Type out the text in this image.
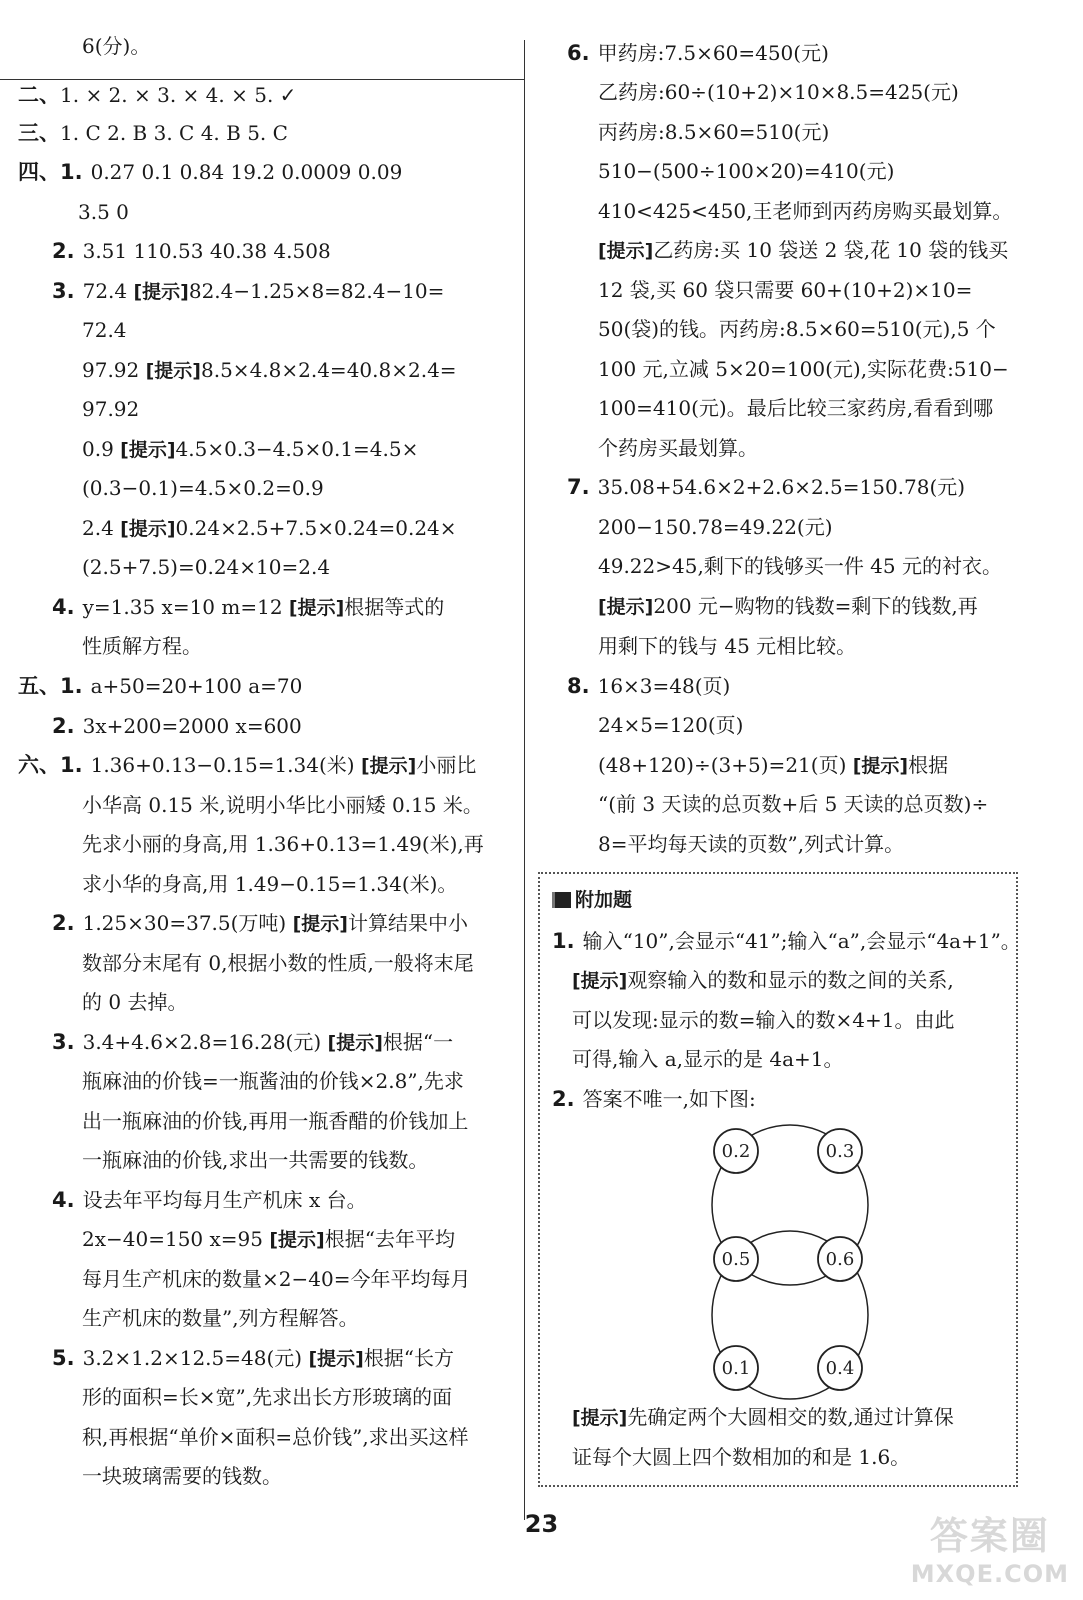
6(分)。
二、1. × 2. × 3. × 4. × 5. ✓
三、1. C 2. B 3. C 4. B 5. C
四、1. 0.27 0.1 0.84 19.2 0.0009 0.09
3.5 0
2. 3.51 110.53 40.38 4.508
3. 72.4 [提示]82.4−1.25×8=82.4−10=
72.4
97.92 [提示]8.5×4.8×2.4=40.8×2.4=
97.92
0.9 [提示]4.5×0.3−4.5×0.1=4.5×
(0.3−0.1)=4.5×0.2=0.9
2.4 [提示]0.24×2.5+7.5×0.24=0.24×
(2.5+7.5)=0.24×10=2.4
4. y=1.35 x=10 m=12 [提示]根据等式的
性质解方程。
五、1. a+50=20+100 a=70
2. 3x+200=2000 x=600
六、1. 1.36+0.13−0.15=1.34(米) [提示]小丽比
小华高 0.15 米,说明小华比小丽矮 0.15 米。
先求小丽的身高,用 1.36+0.13=1.49(米),再
求小华的身高,用 1.49−0.15=1.34(米)。
2. 1.25×30=37.5(万吨) [提示]计算结果中小
数部分末尾有 0,根据小数的性质,一般将末尾
的 0 去掉。
3. 3.4+4.6×2.8=16.28(元) [提示]根据“一
瓶麻油的价钱=一瓶酱油的价钱×2.8”,先求
出一瓶麻油的价钱,再用一瓶香醋的价钱加上
一瓶麻油的价钱,求出一共需要的钱数。
4. 设去年平均每月生产机床 x 台。
2x−40=150 x=95 [提示]根据“去年平均
每月生产机床的数量×2−40=今年平均每月
生产机床的数量”,列方程解答。
5. 3.2×1.2×12.5=48(元) [提示]根据“长方
形的面积=长×宽”,先求出长方形玻璃的面
积,再根据“单价×面积=总价钱”,求出买这样
一块玻璃需要的钱数。
6. 甲药房:7.5×60=450(元)
乙药房:60÷(10+2)×10×8.5=425(元)
丙药房:8.5×60=510(元)
510−(500÷100×20)=410(元)
410<425<450,王老师到丙药房购买最划算。
[提示]乙药房:买 10 袋送 2 袋,花 10 袋的钱买
12 袋,买 60 袋只需要 60+(10+2)×10=
50(袋)的钱。丙药房:8.5×60=510(元),5 个
100 元,立减 5×20=100(元),实际花费:510−
100=410(元)。最后比较三家药房,看看到哪
个药房买最划算。
7. 35.08+54.6×2+2.6×2.5=150.78(元)
200−150.78=49.22(元)
49.22>45,剩下的钱够买一件 45 元的衬衣。
[提示]200 元−购物的钱数=剩下的钱数,再
用剩下的钱与 45 元相比较。
8. 16×3=48(页)
24×5=120(页)
(48+120)÷(3+5)=21(页) [提示]根据
“(前 3 天读的总页数+后 5 天读的总页数)÷
8=平均每天读的页数”,列式计算。
附加题
1. 输入“10”,会显示“41”;输入“a”,会显示“4a+1”。
[提示]观察输入的数和显示的数之间的关系,
可以发现:显示的数=输入的数×4+1。由此
可得,输入 a,显示的是 4a+1。
2. 答案不唯一,如下图:
[提示]先确定两个大圆相交的数,通过计算保
证每个大圆上四个数相加的和是 1.6。
0.2	0.3
0.5	0.6
0.1	0.4
23	答案圈
MXQE.COM
